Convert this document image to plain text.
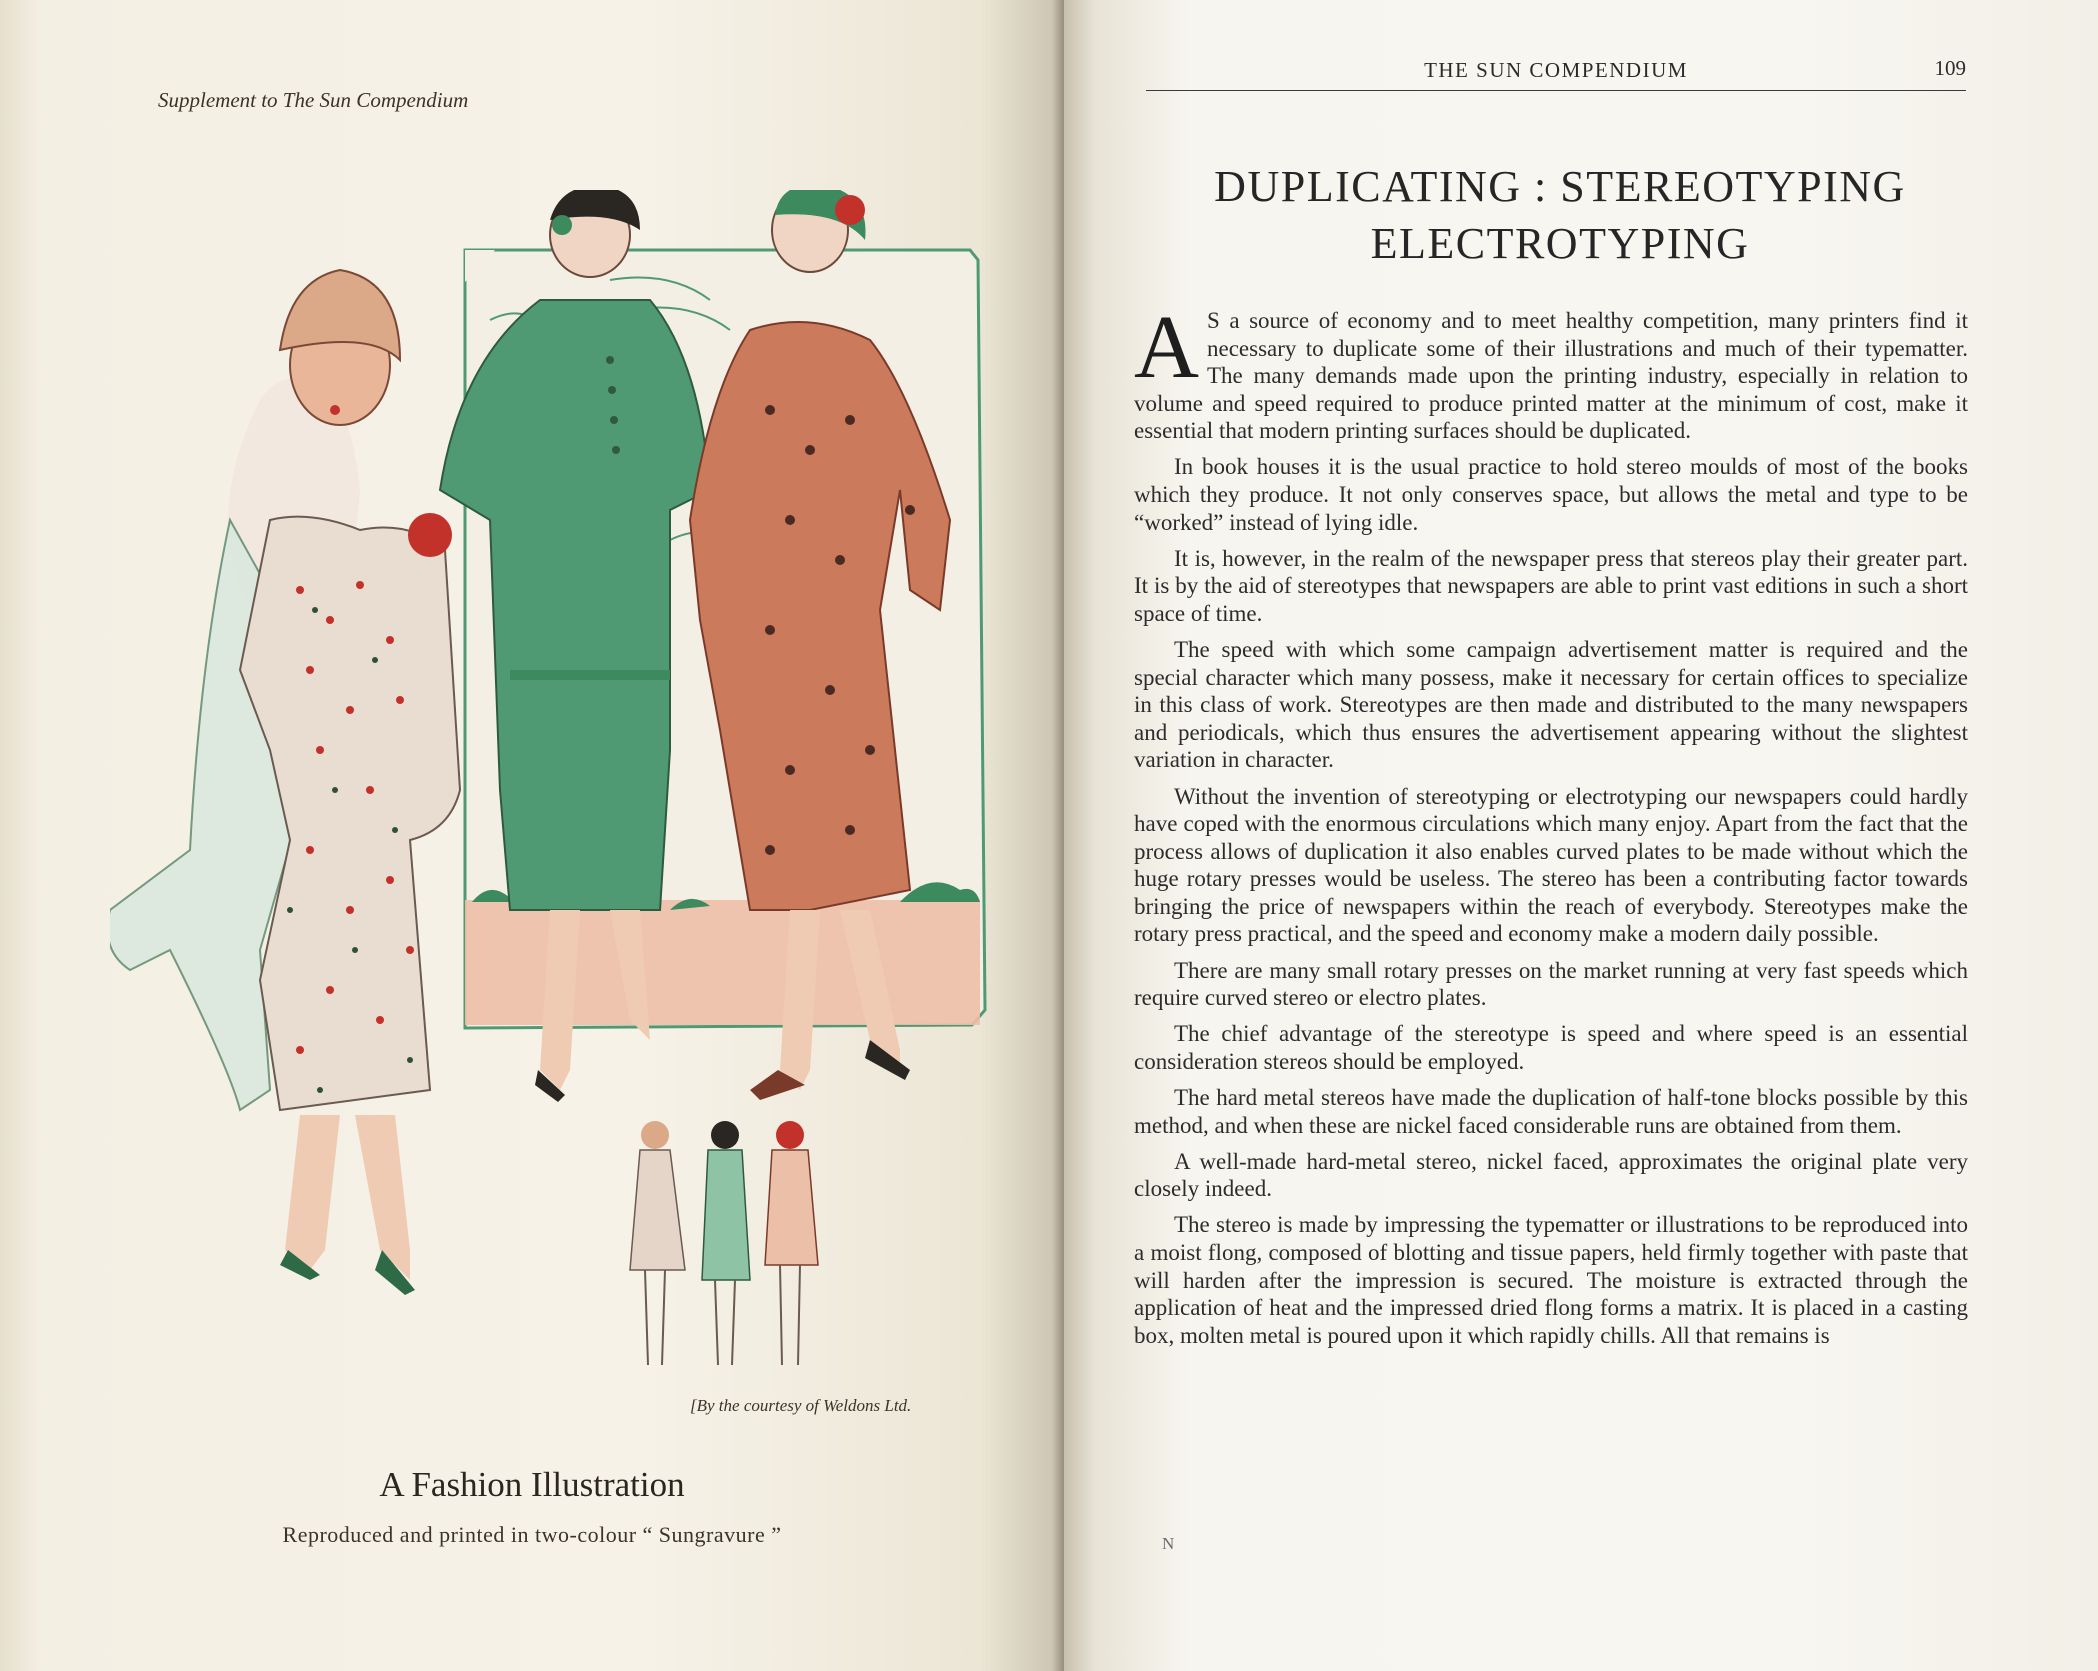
Supplement to The Sun Compendium
[By the courtesy of Weldons Ltd.
A Fashion Illustration
Reproduced and printed in two-colour “ Sungravure ”
THE SUN COMPENDIUM	109
DUPLICATING : STEREOTYPING
ELECTROTYPING

A S a source of economy and to meet healthy competition, many printers find it necessary to duplicate some of their illustrations and much of their typematter. The many demands made upon the printing industry, especially in relation to volume and speed required to produce printed matter at the minimum of cost, make it essential that modern printing surfaces should be duplicated.

In book houses it is the usual practice to hold stereo moulds of most of the books which they produce. It not only conserves space, but allows the metal and type to be “worked” instead of lying idle.

It is, however, in the realm of the newspaper press that stereos play their greater part. It is by the aid of stereotypes that newspapers are able to print vast editions in such a short space of time.

The speed with which some campaign advertisement matter is required and the special character which many possess, make it necessary for certain offices to specialize in this class of work. Stereotypes are then made and distributed to the many newspapers and periodicals, which thus ensures the advertisement appearing without the slightest variation in character.

Without the invention of stereotyping or electrotyping our newspapers could hardly have coped with the enormous circulations which many enjoy. Apart from the fact that the process allows of duplication it also enables curved plates to be made without which the huge rotary presses would be useless. The stereo has been a contributing factor towards bringing the price of newspapers within the reach of everybody. Stereotypes make the rotary press practical, and the speed and economy make a modern daily possible.

There are many small rotary presses on the market running at very fast speeds which require curved stereo or electro plates.

The chief advantage of the stereotype is speed and where speed is an essential consideration stereos should be employed.

The hard metal stereos have made the duplication of half-tone blocks possible by this method, and when these are nickel faced considerable runs are obtained from them.

A well-made hard-metal stereo, nickel faced, approximates the original plate very closely indeed.

The stereo is made by impressing the typematter or illustrations to be reproduced into a moist flong, composed of blotting and tissue papers, held firmly together with paste that will harden after the impression is secured. The moisture is extracted through the application of heat and the impressed dried flong forms a matrix. It is placed in a casting box, molten metal is poured upon it which rapidly chills. All that remains is

N
